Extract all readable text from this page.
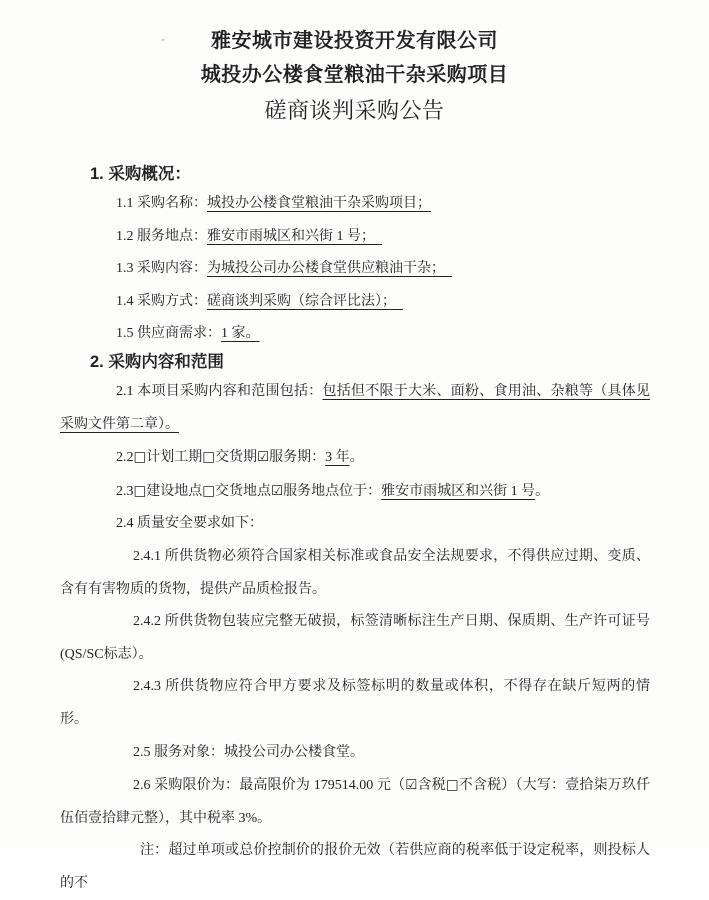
雅安城市建设投资开发有限公司
城投办公楼食堂粮油干杂采购项目
磋商谈判采购公告
1. 采购概况：

1.1 采购名称：城投办公楼食堂粮油干杂采购项目；

1.2 服务地点：雅安市雨城区和兴街 1 号；　

1.3 采购内容：为城投公司办公楼食堂供应粮油干杂；　

1.4 采购方式：磋商谈判采购（综合评比法）；　

1.5 供应商需求：1 家。

2. 采购内容和范围

2.1 本项目采购内容和范围包括：包括但不限于大米、面粉、食用油、杂粮等（具体见采购文件第二章）。

2.2□计划工期□交货期☑服务期：3 年。

2.3□建设地点□交货地点☑服务地点位于：雅安市雨城区和兴街 1 号。

2.4 质量安全要求如下：

2.4.1 所供货物必须符合国家相关标准或食品安全法规要求，不得供应过期、变质、含有有害物质的货物，提供产品质检报告。

2.4.2 所供货物包装应完整无破损，标签清晰标注生产日期、保质期、生产许可证号(QS/SC标志）。

2.4.3 所供货物应符合甲方要求及标签标明的数量或体积，不得存在缺斤短两的情形。

2.5 服务对象：城投公司办公楼食堂。

2.6 采购限价为：最高限价为 179514.00 元（☑含税□不含税）（大写：壹拾柒万玖仟伍佰壹拾肆元整），其中税率 3%。

注：超过单项或总价控制价的报价无效（若供应商的税率低于设定税率，则投标人的不
